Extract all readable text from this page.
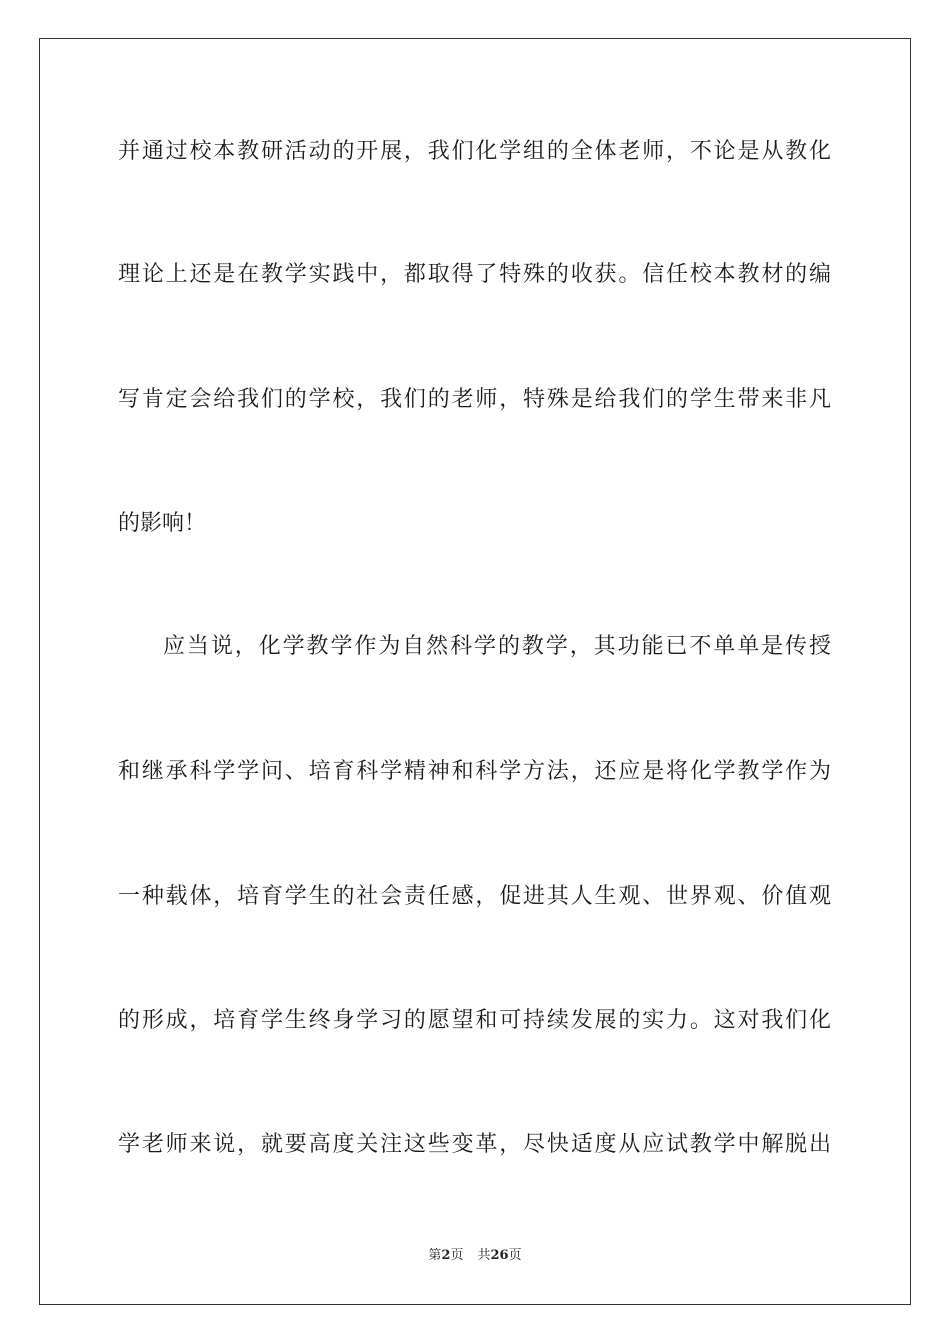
并通过校本教研活动的开展，我们化学组的全体老师，不论是从教化
理论上还是在教学实践中，都取得了特殊的收获。信任校本教材的编
写肯定会给我们的学校，我们的老师，特殊是给我们的学生带来非凡
的影响！
应当说，化学教学作为自然科学的教学，其功能已不单单是传授
和继承科学学问、培育科学精神和科学方法，还应是将化学教学作为
一种载体，培育学生的社会责任感，促进其人生观、世界观、价值观
的形成，培育学生终身学习的愿望和可持续发展的实力。这对我们化
学老师来说，就要高度关注这些变革，尽快适度从应试教学中解脱出
第2页 共26页
